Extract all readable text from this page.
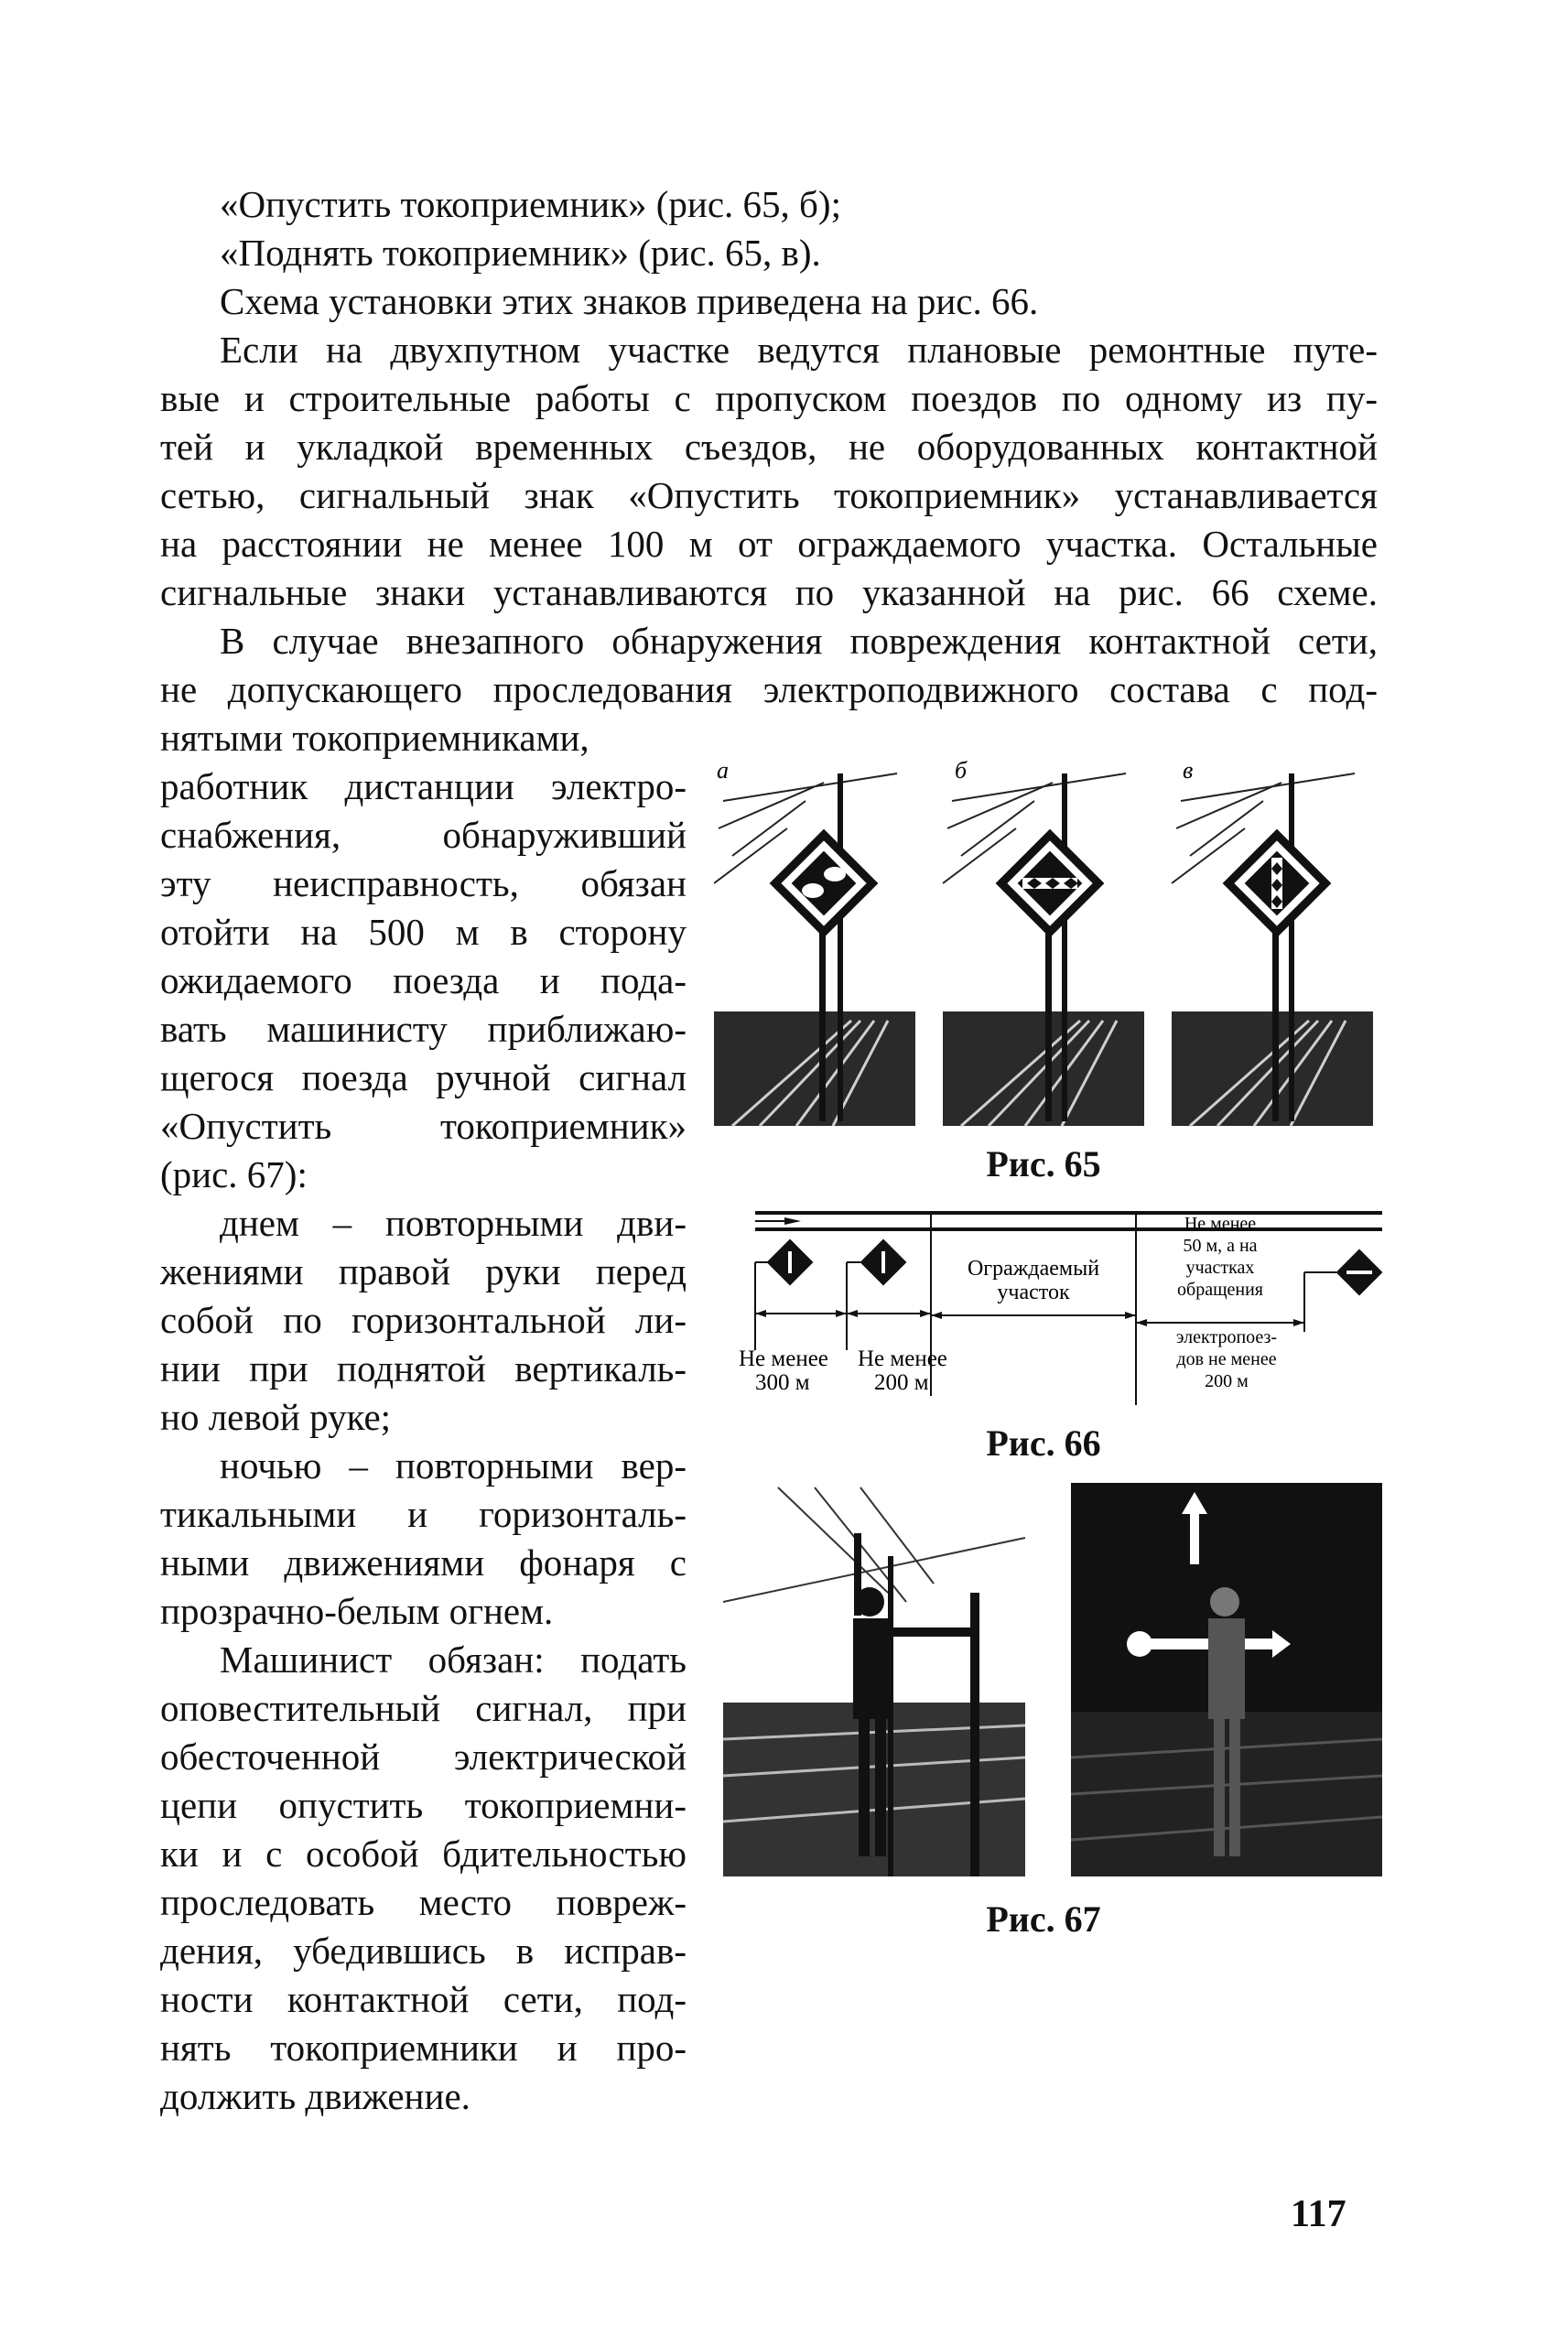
«Опустить токоприемник» (рис. 65, б);
«Поднять токоприемник» (рис. 65, в).
Схема установки этих знаков приведена на рис. 66.
Если на двухпутном участке ведутся плановые ремонтные путе-
вые и строительные работы с пропуском поездов по одному из пу-
тей и укладкой временных съездов, не оборудованных контактной
сетью, сигнальный знак «Опустить токоприемник» устанавливается
на расстоянии не менее 100 м от ограждаемого участка. Остальные
сигнальные знаки устанавливаются по указанной на рис. 66 схеме.
В случае внезапного обнаружения повреждения контактной сети,
не допускающего проследования электроподвижного состава с под-
нятыми токоприемниками,
работник дистанции электро-
снабжения, обнаруживший
эту неисправность, обязан
отойти на 500 м в сторону
ожидаемого поезда и пода-
вать машинисту приближаю-
щегося поезда ручной сигнал
«Опустить токоприемник»
(рис. 67):
днем – повторными дви-
жениями правой руки перед
собой по горизонтальной ли-
нии при поднятой вертикаль-
но левой руке;
ночью – повторными вер-
тикальными и горизонталь-
ными движениями фонаря с
прозрачно-белым огнем.
Машинист обязан: подать
оповестительный сигнал, при
обесточенной электрической
цепи опустить токоприемни-
ки и с особой бдительностью
проследовать место повреж-
дения, убедившись в исправ-
ности контактной сети, под-
нять токоприемники и про-
должить движение.
а	б	в
Рис. 65
Ограждаемый
участок
Не менее
50 м, а на
участках
обращения
электропоез-
дов не менее
200 м
Не менее
300 м
Не менее
200 м
Рис. 66
Рис. 67
117
